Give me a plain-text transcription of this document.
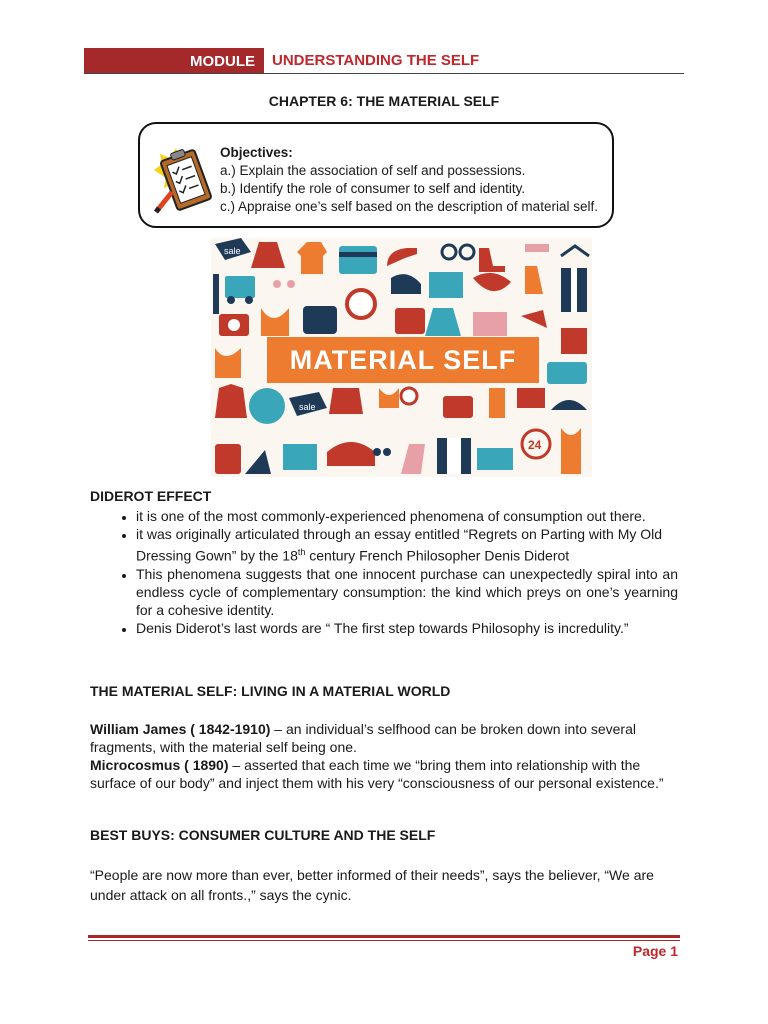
MODULE	UNDERSTANDING THE SELF
CHAPTER 6: THE MATERIAL SELF
Objectives:
a.) Explain the association of self and possessions.
b.) Identify the role of consumer to self and identity.
c.) Appraise one’s self based on the description of material self.
sale
sale
24
MATERIAL SELF
DIDEROT EFFECT
• it is one of the most commonly-experienced phenomena of consumption out there.
• it was originally articulated through an essay entitled “Regrets on Parting with My Old Dressing Gown” by the 18th century French Philosopher Denis Diderot
• This phenomena suggests that one innocent purchase can unexpectedly spiral into an endless cycle of complementary consumption: the kind which preys on one’s yearning for a cohesive identity.
• Denis Diderot’s last words are “ The first step towards Philosophy is incredulity.”
THE MATERIAL SELF: LIVING IN A MATERIAL WORLD

William James ( 1842-1910) – an individual’s selfhood can be broken down into several fragments, with the material self being one.

Microcosmus ( 1890) – asserted that each time we “bring them into relationship with the surface of our body” and inject them with his very “consciousness of our personal existence.”

BEST BUYS: CONSUMER CULTURE AND THE SELF

“People are now more than ever, better informed of their needs”, says the believer, “We are under attack on all fronts.,” says the cynic.

Page 1
